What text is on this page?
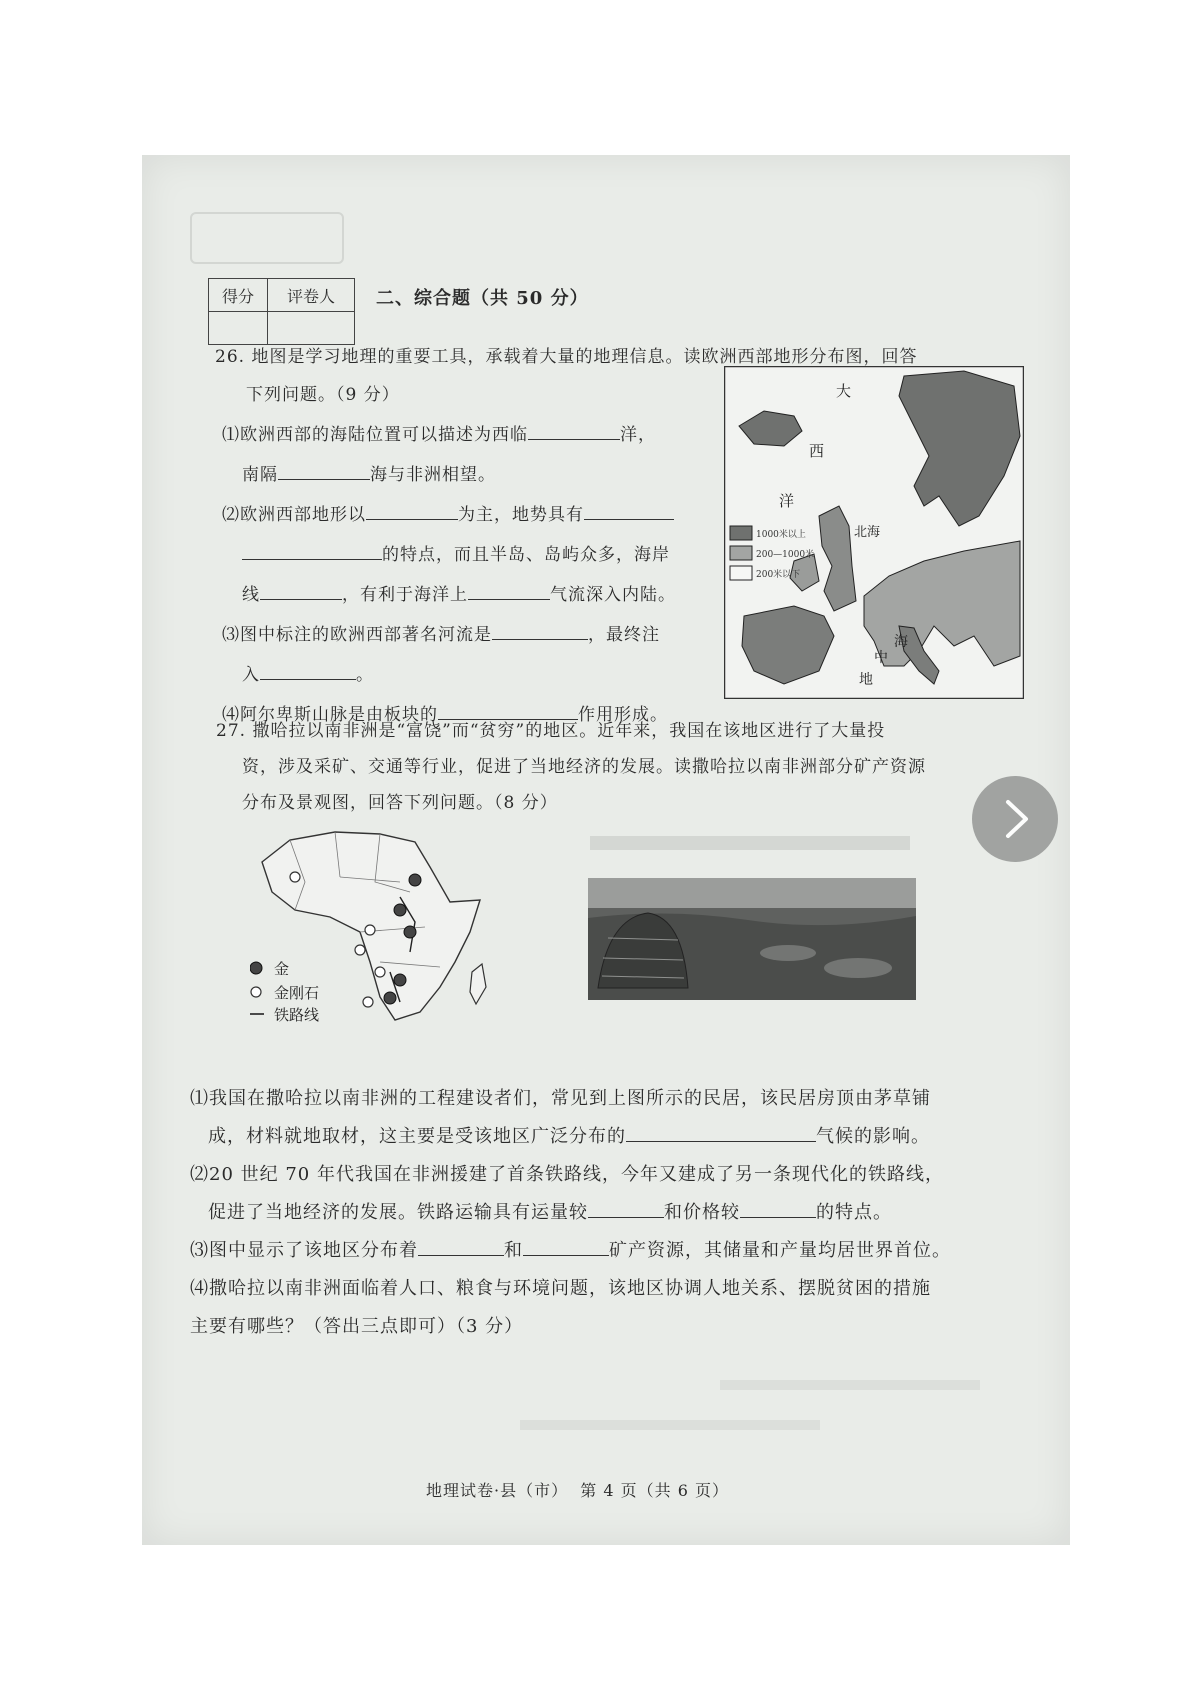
得分	评卷人
	二、综合题（共 50 分）
26. 地图是学习地理的重要工具，承载着大量的地理信息。读欧洲西部地形分布图，回答
下列问题。（9 分）
⑴欧洲西部的海陆位置可以描述为西临	洋，
南隔	海与非洲相望。
⑵欧洲西部地形以	为主，地势具有
的特点，而且半岛、岛屿众多，海岸
线	，有利于海洋上	气流深入内陆。
⑶图中标注的欧洲西部著名河流是	，最终注
入	。
⑷阿尔卑斯山脉是由板块的	作用形成。
1000米以上
200—1000米
200米以下
大
西
洋
北海
地
中
海
27. 撒哈拉以南非洲是“富饶”而“贫穷”的地区。近年来，我国在该地区进行了大量投
资，涉及采矿、交通等行业，促进了当地经济的发展。读撒哈拉以南非洲部分矿产资源
分布及景观图，回答下列问题。（8 分）
金
金刚石
铁路线
⑴我国在撒哈拉以南非洲的工程建设者们，常见到上图所示的民居，该民居房顶由茅草铺
成，材料就地取材，这主要是受该地区广泛分布的	气候的影响。
⑵20 世纪 70 年代我国在非洲援建了首条铁路线，今年又建成了另一条现代化的铁路线，
促进了当地经济的发展。铁路运输具有运量较	和价格较	的特点。
⑶图中显示了该地区分布着	和	矿产资源，其储量和产量均居世界首位。
⑷撒哈拉以南非洲面临着人口、粮食与环境问题，该地区协调人地关系、摆脱贫困的措施
主要有哪些？（答出三点即可）（3 分）
地理试卷·县（市）  第 4 页（共 6 页）
